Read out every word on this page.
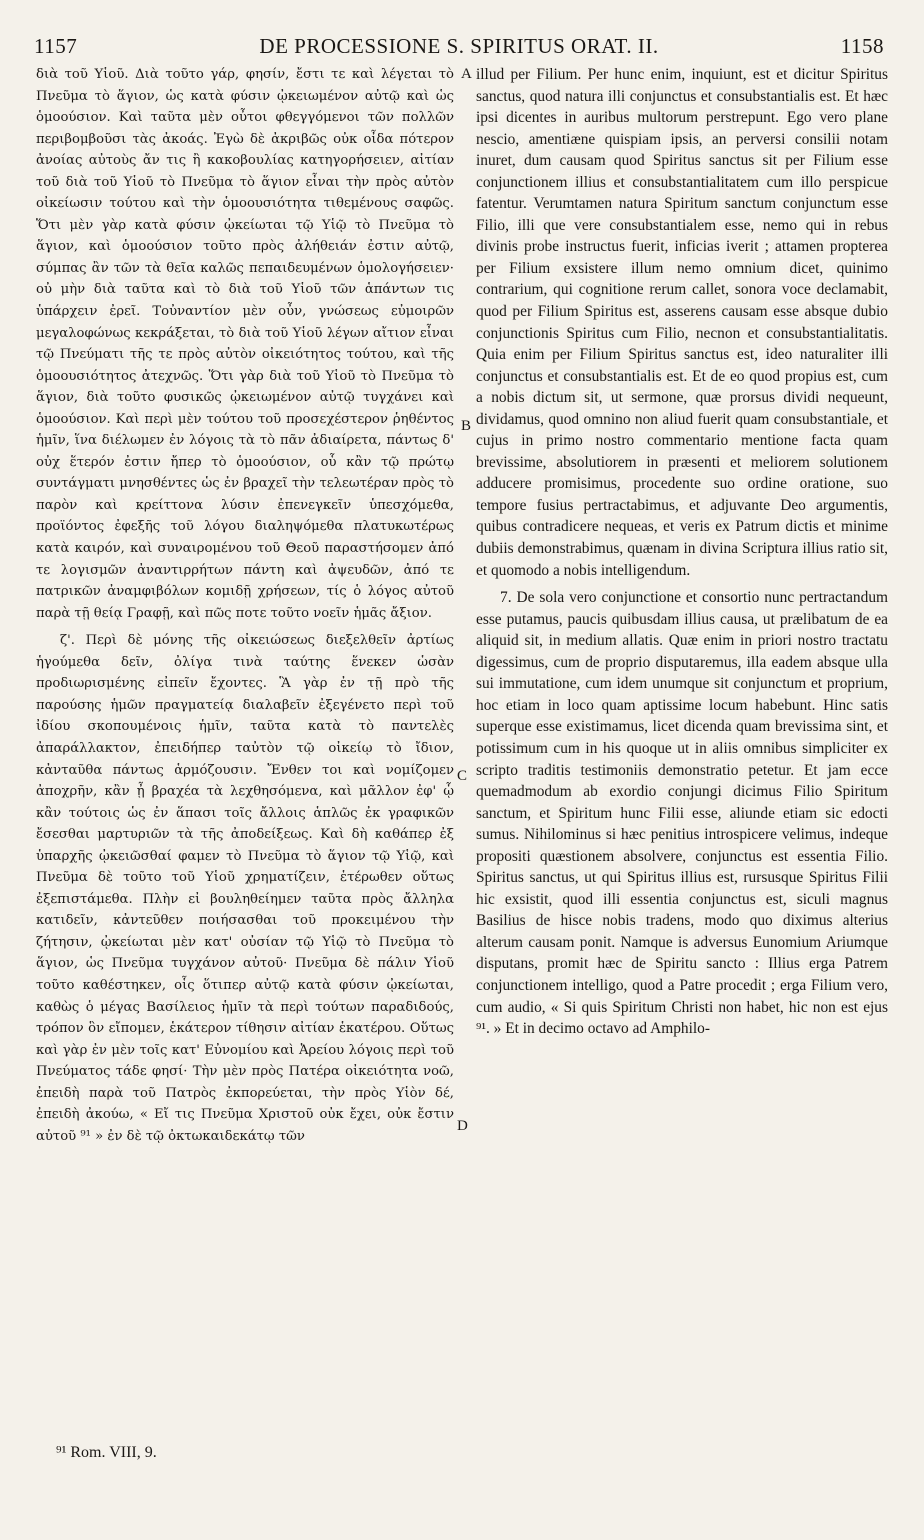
1157	DE PROCESSIONE S. SPIRITUS ORAT. II.	1158

διὰ τοῦ Υἱοῦ. Διὰ τοῦτο γάρ, φησίν, ἔστι τε καὶ λέγεται τὸ Πνεῦμα τὸ ἅγιον, ὡς κατὰ φύσιν ᾠκειωμένον αὐτῷ καὶ ὡς ὁμοούσιον. Καὶ ταῦτα μὲν οὖτοι φθεγγόμενοι τῶν πολλῶν περιβομβοῦσι τὰς ἀκοάς. Ἐγὼ δὲ ἀκριβῶς οὐκ οἶδα πότερον ἀνοίας αὐτοὺς ἄν τις ἢ κακοβουλίας κατηγορήσειεν, αἰτίαν τοῦ διὰ τοῦ Υἱοῦ τὸ Πνεῦμα τὸ ἅγιον εἶναι τὴν πρὸς αὐτὸν οἰκείωσιν τούτου καὶ τὴν ὁμοουσιότητα τιθεμένους σαφῶς. Ὅτι μὲν γὰρ κατὰ φύσιν ᾠκείωται τῷ Υἱῷ τὸ Πνεῦμα τὸ ἅγιον, καὶ ὁμοούσιον τοῦτο πρὸς ἀλήθειάν ἐστιν αὐτῷ, σύμπας ἂν τῶν τὰ θεῖα καλῶς πεπαιδευμένων ὁμολογήσειεν· οὐ μὴν διὰ ταῦτα καὶ τὸ διὰ τοῦ Υἱοῦ τῶν ἁπάντων τις ὑπάρχειν ἐρεῖ. Τοὐναντίον μὲν οὖν, γνώσεως εὐμοιρῶν μεγαλοφώνως κεκράξεται, τὸ διὰ τοῦ Υἱοῦ λέγων αἴτιον εἶναι τῷ Πνεύματι τῆς τε πρὸς αὐτὸν οἰκειότητος τούτου, καὶ τῆς ὁμοουσιότητος ἀτεχνῶς. Ὅτι γὰρ διὰ τοῦ Υἱοῦ τὸ Πνεῦμα τὸ ἅγιον, διὰ τοῦτο φυσικῶς ᾠκειωμένον αὐτῷ τυγχάνει καὶ ὁμοούσιον. Καὶ περὶ μὲν τούτου τοῦ προσεχέστερον ῥηθέντος ἡμῖν, ἵνα διέλωμεν ἐν λόγοις τὰ τὸ πᾶν ἀδιαίρετα, πάντως δ' οὐχ ἕτερόν ἐστιν ἤπερ τὸ ὁμοούσιον, οὗ κἂν τῷ πρώτῳ συντάγματι μνησθέντες ὡς ἐν βραχεῖ τὴν τελεωτέραν πρὸς τὸ παρὸν καὶ κρείττονα λύσιν ἐπενεγκεῖν ὑπεσχόμεθα, προϊόντος ἐφεξῆς τοῦ λόγου διαληψόμεθα πλατυκωτέρως κατὰ καιρόν, καὶ συναιρομένου τοῦ Θεοῦ παραστήσομεν ἀπό τε λογισμῶν ἀναντιρρήτων πάντη καὶ ἀψευδῶν, ἀπό τε πατρικῶν ἀναμφιβόλων κομιδῇ χρήσεων, τίς ὁ λόγος αὐτοῦ παρὰ τῇ θείᾳ Γραφῇ, καὶ πῶς ποτε τοῦτο νοεῖν ἡμᾶς ἄξιον.

ζ'. Περὶ δὲ μόνης τῆς οἰκειώσεως διεξελθεῖν ἀρτίως ἡγούμεθα δεῖν, ὀλίγα τινὰ ταύτης ἕνεκεν ὡσὰν προδιωρισμένης εἰπεῖν ἔχοντες. Ἃ γὰρ ἐν τῇ πρὸ τῆς παρούσης ἡμῶν πραγματείᾳ διαλαβεῖν ἐξεγένετο περὶ τοῦ ἰδίου σκοπουμένοις ἡμῖν, ταῦτα κατὰ τὸ παντελὲς ἀπαράλλακτον, ἐπειδήπερ ταὐτὸν τῷ οἰκείῳ τὸ ἴδιον, κἀνταῦθα πάντως ἁρμόζουσιν. Ἔνθεν τοι καὶ νομίζομεν ἀποχρῆν, κἂν ᾖ βραχέα τὰ λεχθησόμενα, καὶ μᾶλλον ἐφ' ᾧ κἂν τούτοις ὡς ἐν ἅπασι τοῖς ἄλλοις ἁπλῶς ἐκ γραφικῶν ἔσεσθαι μαρτυριῶν τὰ τῆς ἀποδείξεως. Καὶ δὴ καθάπερ ἐξ ὑπαρχῆς ᾠκειῶσθαί φαμεν τὸ Πνεῦμα τὸ ἅγιον τῷ Υἱῷ, καὶ Πνεῦμα δὲ τοῦτο τοῦ Υἱοῦ χρηματίζειν, ἑτέρωθεν οὕτως ἐξεπιστάμεθα. Πλὴν εἰ βουληθείημεν ταῦτα πρὸς ἄλληλα κατιδεῖν, κἀντεῦθεν ποιήσασθαι τοῦ προκειμένου τὴν ζήτησιν, ᾠκείωται μὲν κατ' οὐσίαν τῷ Υἱῷ τὸ Πνεῦμα τὸ ἅγιον, ὡς Πνεῦμα τυγχάνον αὐτοῦ· Πνεῦμα δὲ πάλιν Υἱοῦ τοῦτο καθέστηκεν, οἷς ὅτιπερ αὐτῷ κατὰ φύσιν ᾠκείωται, καθὼς ὁ μέγας Βασίλειος ἡμῖν τὰ περὶ τούτων παραδιδούς, τρόπον ὃν εἴπομεν, ἑκάτερον τίθησιν αἰτίαν ἑκατέρου. Οὕτως καὶ γὰρ ἐν μὲν τοῖς κατ' Εὐνομίου καὶ Ἀρείου λόγοις περὶ τοῦ Πνεύματος τάδε φησί· Τὴν μὲν πρὸς Πατέρα οἰκειότητα νοῶ, ἐπειδὴ παρὰ τοῦ Πατρὸς ἐκπορεύεται, τὴν πρὸς Υἱὸν δέ, ἐπειδὴ ἀκούω, « Εἴ τις Πνεῦμα Χριστοῦ οὐκ ἔχει, οὐκ ἔστιν αὐτοῦ ⁹¹ » ἐν δὲ τῷ ὀκτωκαιδεκάτῳ τῶν

illud per Filium. Per hunc enim, inquiunt, est et dicitur Spiritus sanctus, quod natura illi conjunctus et consubstantialis est. Et hæc ipsi dicentes in auribus multorum perstrepunt. Ego vero plane nescio, amentiæne quispiam ipsis, an perversi consilii notam inuret, dum causam quod Spiritus sanctus sit per Filium esse conjunctionem illius et consubstantialitatem cum illo perspicue fatentur. Verumtamen natura Spiritum sanctum conjunctum esse Filio, illi que vere consubstantialem esse, nemo qui in rebus divinis probe instructus fuerit, inficias iverit ; attamen propterea per Filium exsistere illum nemo omnium dicet, quinimo contrarium, qui cognitione rerum callet, sonora voce declamabit, quod per Filium Spiritus est, asserens causam esse absque dubio conjunctionis Spiritus cum Filio, necnon et consubstantialitatis. Quia enim per Filium Spiritus sanctus est, ideo naturaliter illi conjunctus et consubstantialis est. Et de eo quod propius est, cum a nobis dictum sit, ut sermone, quæ prorsus dividi nequeunt, dividamus, quod omnino non aliud fuerit quam consubstantiale, et cujus in primo nostro commentario mentione facta quam brevissime, absolutiorem in præsenti et meliorem solutionem adducere promisimus, procedente suo ordine oratione, suo tempore fusius pertractabimus, et adjuvante Deo argumentis, quibus contradicere nequeas, et veris ex Patrum dictis et minime dubiis demonstrabimus, quænam in divina Scriptura illius ratio sit, et quomodo a nobis intelligendum.

7. De sola vero conjunctione et consortio nunc pertractandum esse putamus, paucis quibusdam illius causa, ut prælibatum de ea aliquid sit, in medium allatis. Quæ enim in priori nostro tractatu digessimus, cum de proprio disputaremus, illa eadem absque ulla sui immutatione, cum idem unumque sit conjunctum et proprium, hoc etiam in loco quam aptissime locum habebunt. Hinc satis superque esse existimamus, licet dicenda quam brevissima sint, et potissimum cum in his quoque ut in aliis omnibus simpliciter ex scripto traditis testimoniis demonstratio petetur. Et jam ecce quemadmodum ab exordio conjungi dicimus Filio Spiritum sanctum, et Spiritum hunc Filii esse, aliunde etiam sic edocti sumus. Nihilominus si hæc penitius introspicere velimus, indeque propositi quæstionem absolvere, conjunctus est essentia Filio. Spiritus sanctus, ut qui Spiritus illius est, rursusque Spiritus Filii hic exsistit, quod illi essentia conjunctus est, siculi magnus Basilius de hisce nobis tradens, modo quo diximus alterius alterum causam ponit. Namque is adversus Eunomium Ariumque disputans, promit hæc de Spiritu sancto : Illius erga Patrem conjunctionem intelligo, quod a Patre procedit ; erga Filium vero, cum audio, « Si quis Spiritum Christi non habet, hic non est ejus ⁹¹. » Et in decimo octavo ad Amphilo-

A
B
C
D
⁹¹ Rom. VIII, 9.
